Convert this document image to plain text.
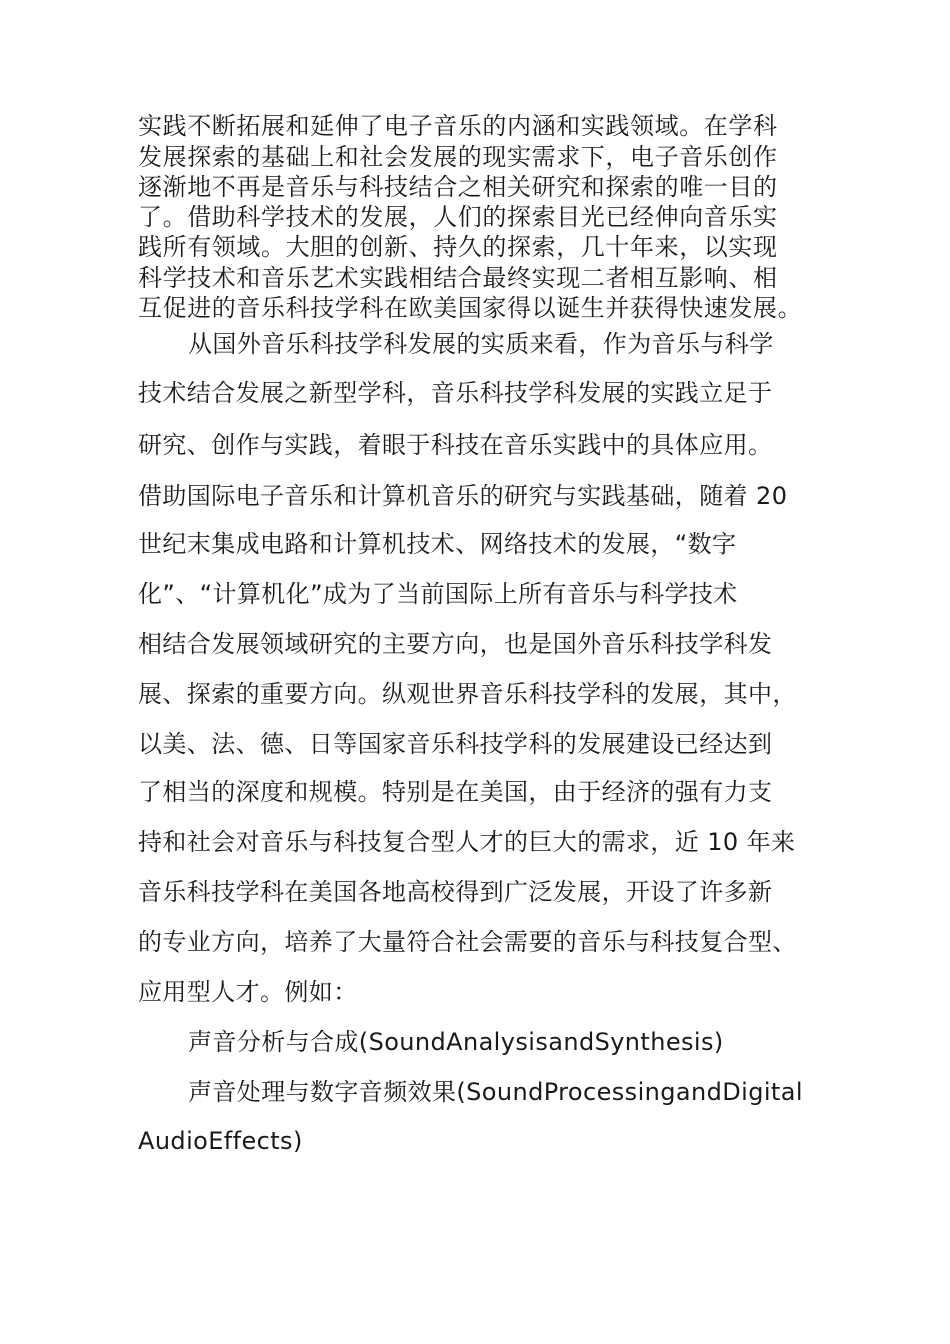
实践不断拓展和延伸了电子音乐的内涵和实践领域。在学科
发展探索的基础上和社会发展的现实需求下，电子音乐创作
逐渐地不再是音乐与科技结合之相关研究和探索的唯一目的
了。借助科学技术的发展，人们的探索目光已经伸向音乐实
践所有领域。大胆的创新、持久的探索，几十年来，以实现
科学技术和音乐艺术实践相结合最终实现二者相互影响、相
互促进的音乐科技学科在欧美国家得以诞生并获得快速发展。
从国外音乐科技学科发展的实质来看，作为音乐与科学
技术结合发展之新型学科，音乐科技学科发展的实践立足于
研究、创作与实践，着眼于科技在音乐实践中的具体应用。
借助国际电子音乐和计算机音乐的研究与实践基础，随着 20
世纪末集成电路和计算机技术、网络技术的发展，“数字
化”、“计算机化”成为了当前国际上所有音乐与科学技术
相结合发展领域研究的主要方向，也是国外音乐科技学科发
展、探索的重要方向。纵观世界音乐科技学科的发展，其中，
以美、法、德、日等国家音乐科技学科的发展建设已经达到
了相当的深度和规模。特别是在美国，由于经济的强有力支
持和社会对音乐与科技复合型人才的巨大的需求，近 10 年来
音乐科技学科在美国各地高校得到广泛发展，开设了许多新
的专业方向，培养了大量符合社会需要的音乐与科技复合型、
应用型人才。例如：
声音分析与合成(SoundAnalysisandSynthesis)
声音处理与数字音频效果(SoundProcessingandDigital
AudioEffects)
